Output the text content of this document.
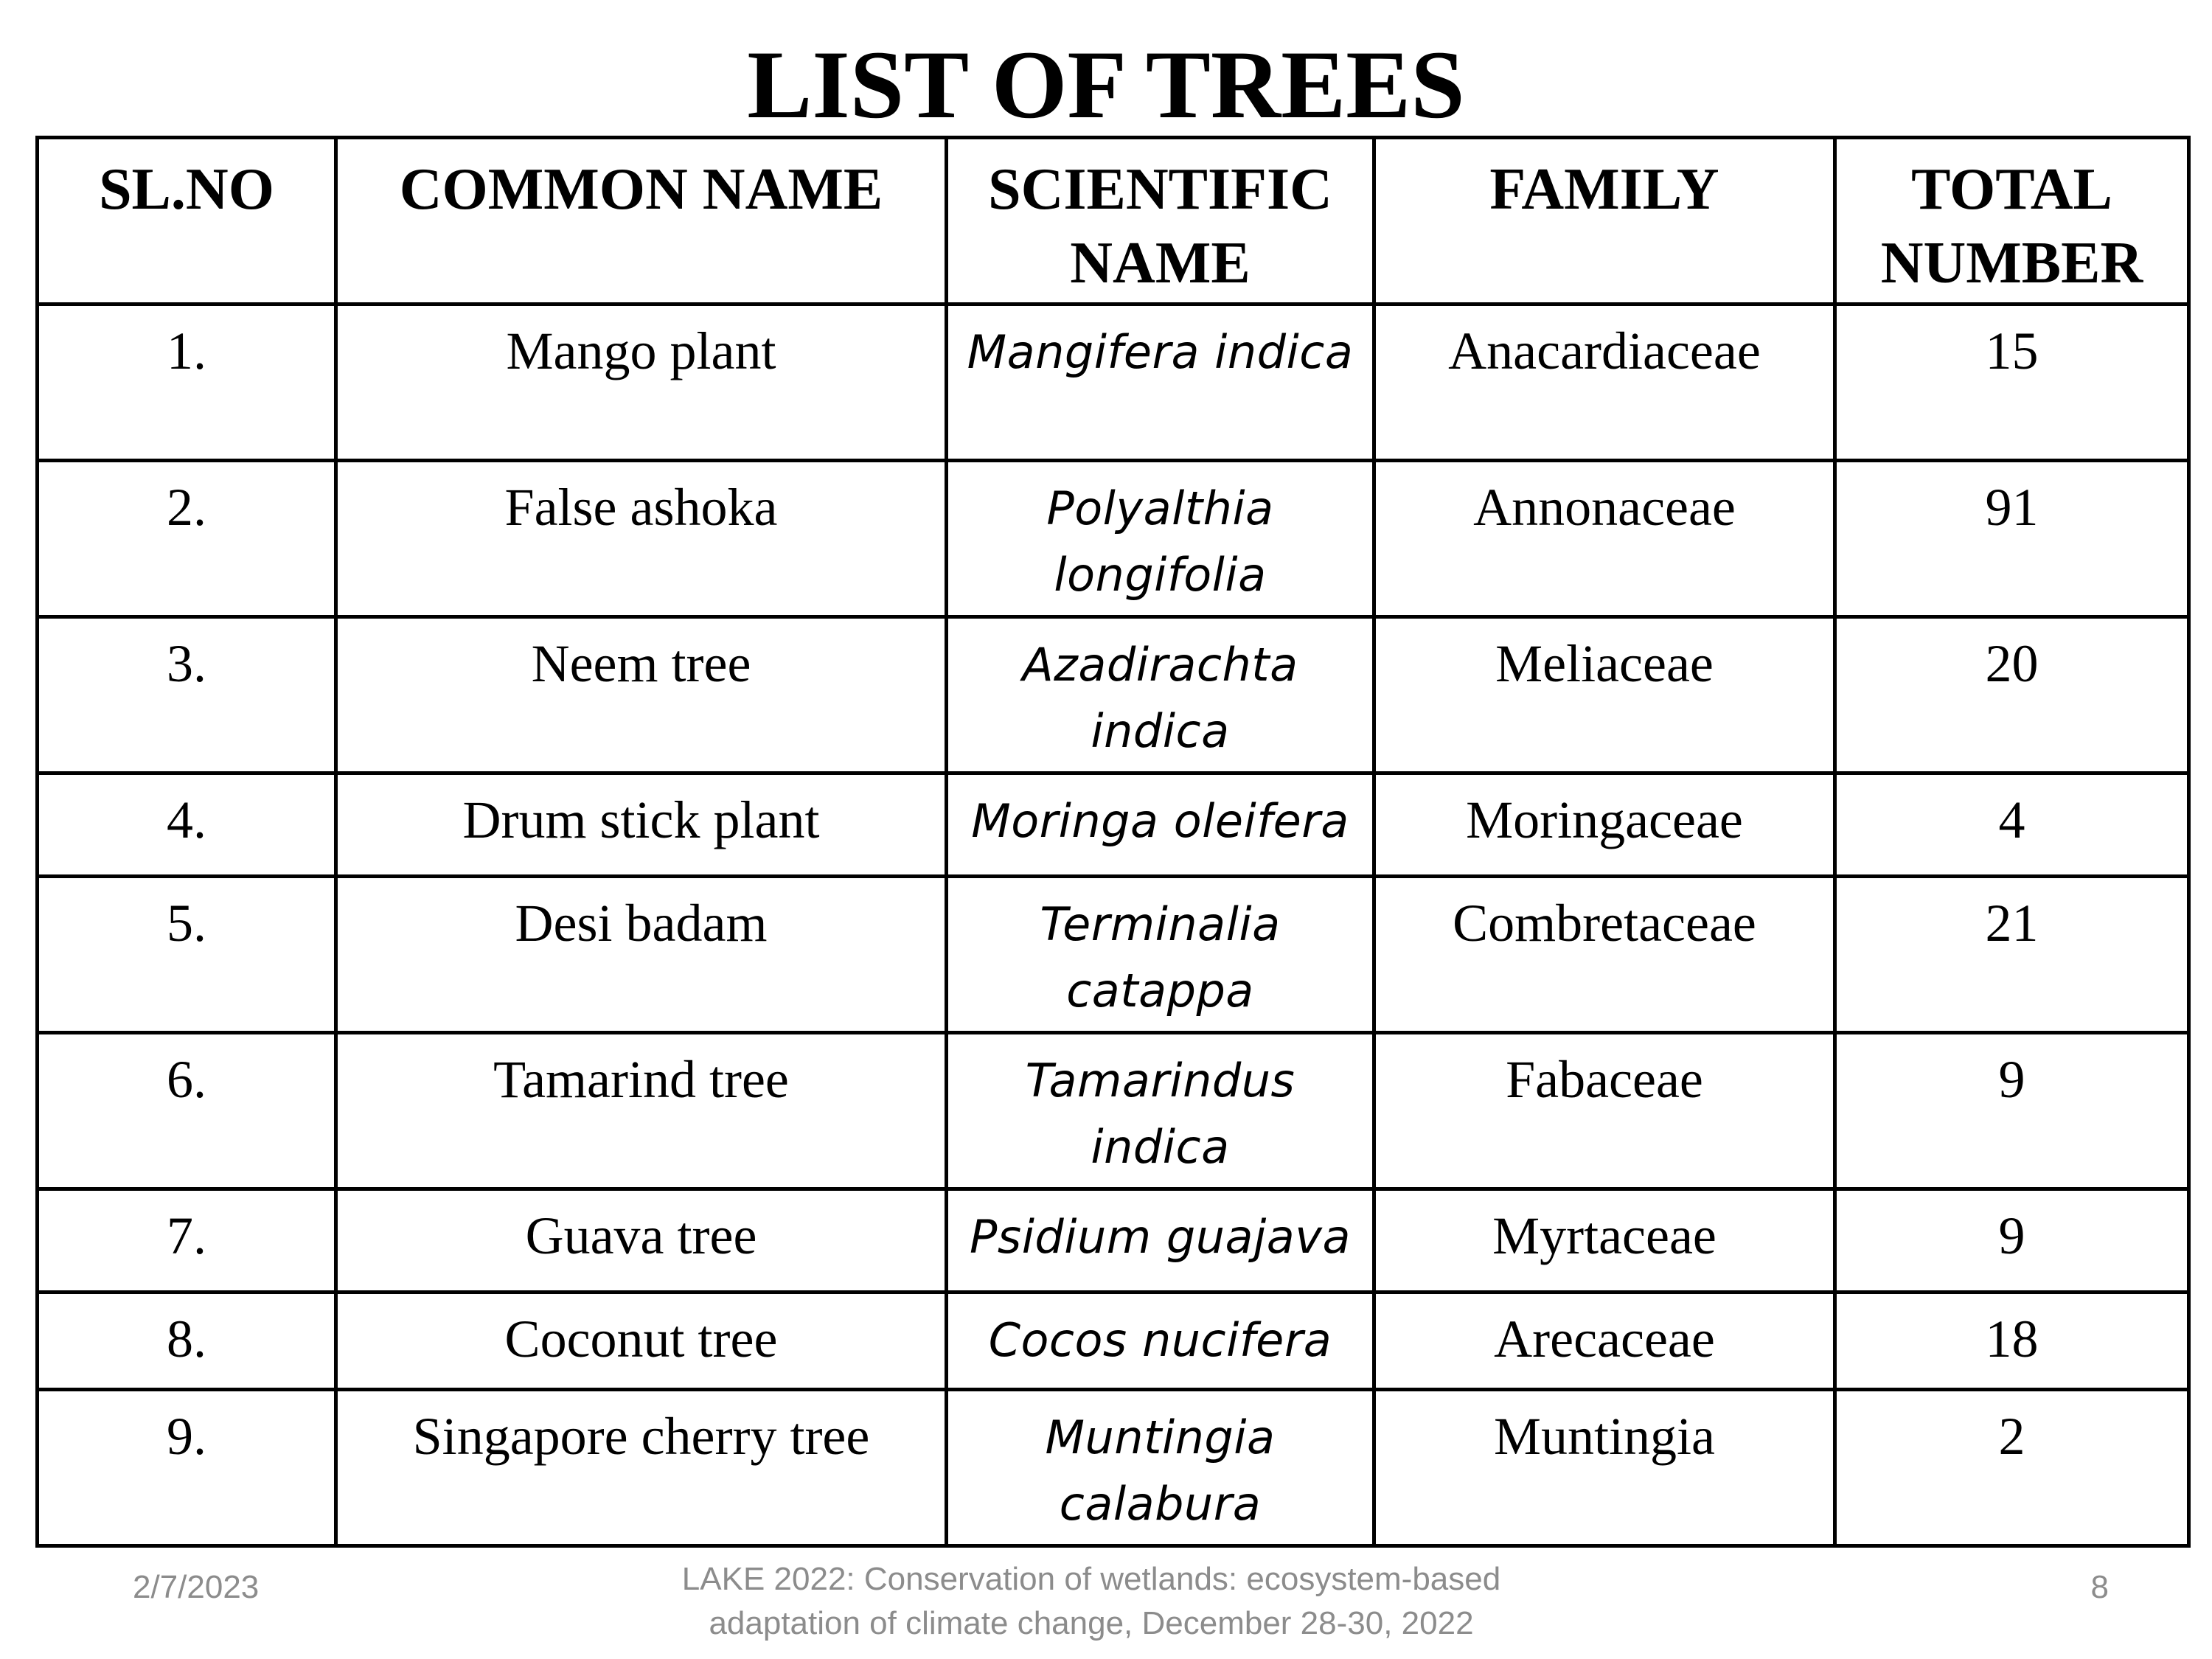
LIST OF TREES
SL.NO	COMMON NAME	SCIENTIFIC NAME	FAMILY	TOTAL NUMBER
1.	Mango plant	Mangifera indica	Anacardiaceae	15
2.	False ashoka	Polyalthia longifolia	Annonaceae	91
3.	Neem tree	Azadirachta indica	Meliaceae	20
4.	Drum stick plant	Moringa oleifera	Moringaceae	4
5.	Desi badam	Terminalia catappa	Combretaceae	21
6.	Tamarind tree	Tamarindus indica	Fabaceae	9
7.	Guava tree	Psidium guajava	Myrtaceae	9
8.	Coconut tree	Cocos nucifera	Arecaceae	18
9.	Singapore cherry tree	Muntingia calabura	Muntingia	2
2/7/2023	LAKE 2022: Conservation of wetlands: ecosystem-based
adaptation of climate change, December 28-30, 2022
8
